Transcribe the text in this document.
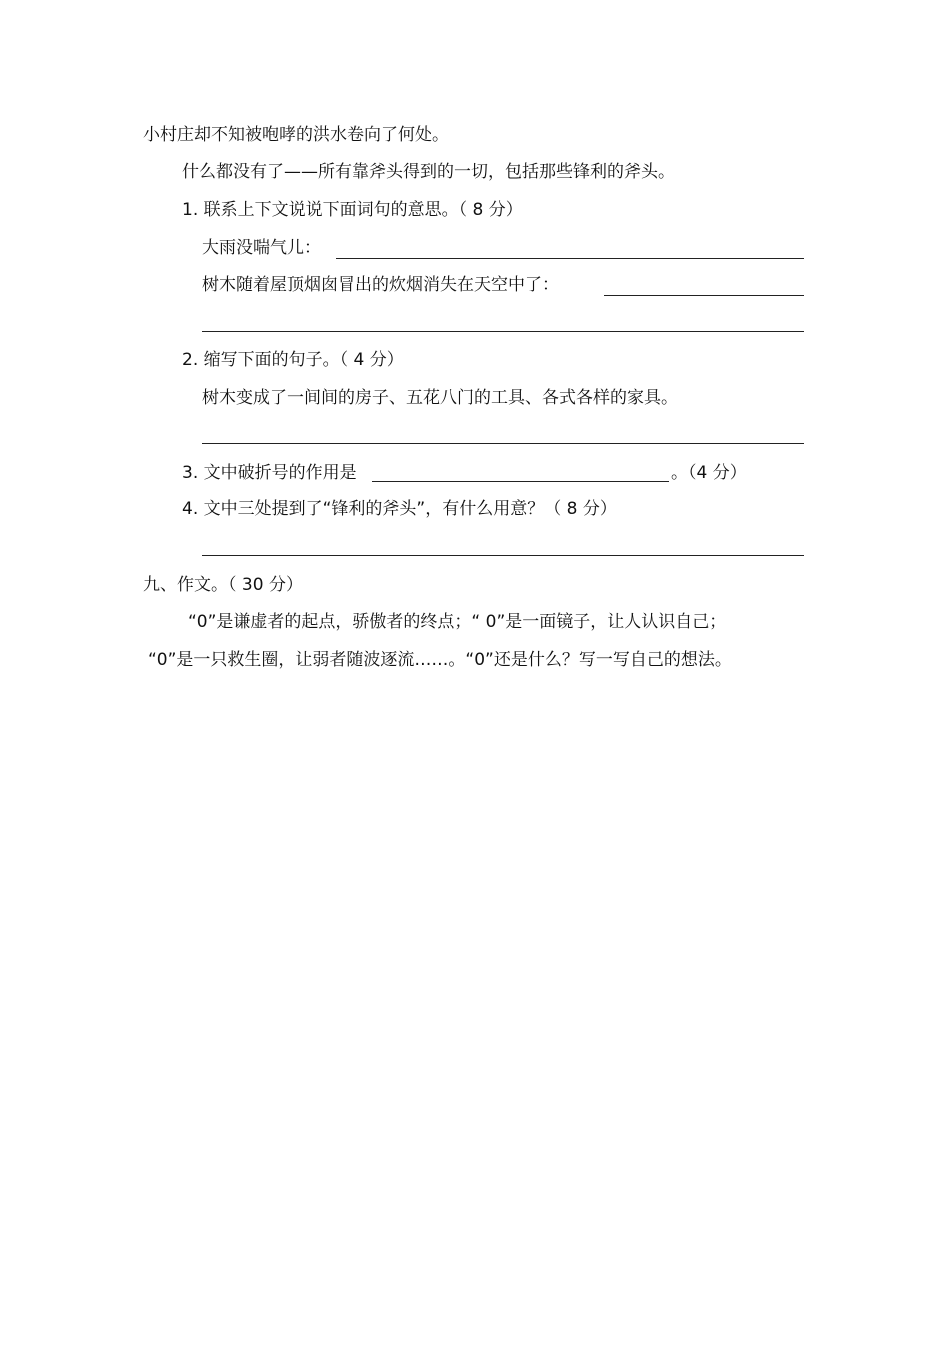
小村庄却不知被咆哮的洪水卷向了何处。
什么都没有了——所有靠斧头得到的一切，包括那些锋利的斧头。
1. 联系上下文说说下面词句的意思。（ 8 分）
大雨没喘气儿：
树木随着屋顶烟囱冒出的炊烟消失在天空中了：
2. 缩写下面的句子。（ 4 分）
树木变成了一间间的房子、五花八门的工具、各式各样的家具。
3. 文中破折号的作用是	。（4 分）
4. 文中三处提到了“锋利的斧头”，有什么用意？（ 8 分）
九、作文。（ 30 分）
“0”是谦虚者的起点，骄傲者的终点；“ 0”是一面镜子，让人认识自己；
“0”是一只救生圈，让弱者随波逐流……。“0”还是什么？写一写自己的想法。
